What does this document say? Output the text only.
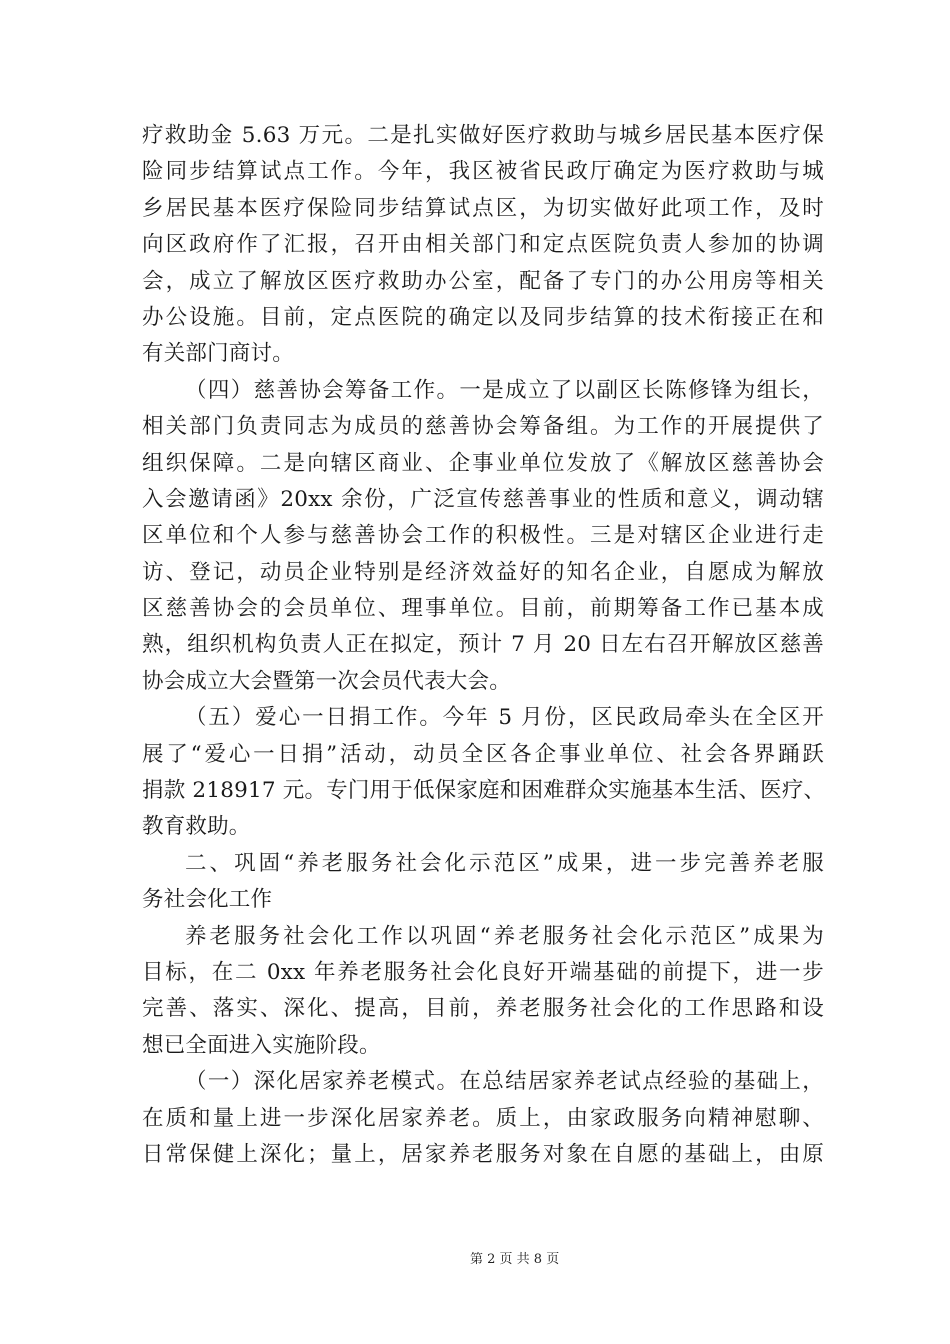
疗救助金 5.63 万元。二是扎实做好医疗救助与城乡居民基本医疗保
险同步结算试点工作。今年，我区被省民政厅确定为医疗救助与城
乡居民基本医疗保险同步结算试点区，为切实做好此项工作，及时
向区政府作了汇报，召开由相关部门和定点医院负责人参加的协调
会，成立了解放区医疗救助办公室，配备了专门的办公用房等相关
办公设施。目前，定点医院的确定以及同步结算的技术衔接正在和
有关部门商讨。
（四）慈善协会筹备工作。一是成立了以副区长陈修锋为组长，
相关部门负责同志为成员的慈善协会筹备组。为工作的开展提供了
组织保障。二是向辖区商业、企事业单位发放了《解放区慈善协会
入会邀请函》20xx 余份，广泛宣传慈善事业的性质和意义，调动辖
区单位和个人参与慈善协会工作的积极性。三是对辖区企业进行走
访、登记，动员企业特别是经济效益好的知名企业，自愿成为解放
区慈善协会的会员单位、理事单位。目前，前期筹备工作已基本成
熟，组织机构负责人正在拟定，预计 7 月 20 日左右召开解放区慈善
协会成立大会暨第一次会员代表大会。
（五）爱心一日捐工作。今年 5 月份，区民政局牵头在全区开
展了“爱心一日捐”活动，动员全区各企事业单位、社会各界踊跃
捐款 218917 元。专门用于低保家庭和困难群众实施基本生活、医疗、
教育救助。
二、巩固“养老服务社会化示范区”成果，进一步完善养老服
务社会化工作
养老服务社会化工作以巩固“养老服务社会化示范区”成果为
目标，在二 0xx 年养老服务社会化良好开端基础的前提下，进一步
完善、落实、深化、提高，目前，养老服务社会化的工作思路和设
想已全面进入实施阶段。
（一）深化居家养老模式。在总结居家养老试点经验的基础上，
在质和量上进一步深化居家养老。质上，由家政服务向精神慰聊、
日常保健上深化；量上，居家养老服务对象在自愿的基础上，由原
第 2 页 共 8 页
